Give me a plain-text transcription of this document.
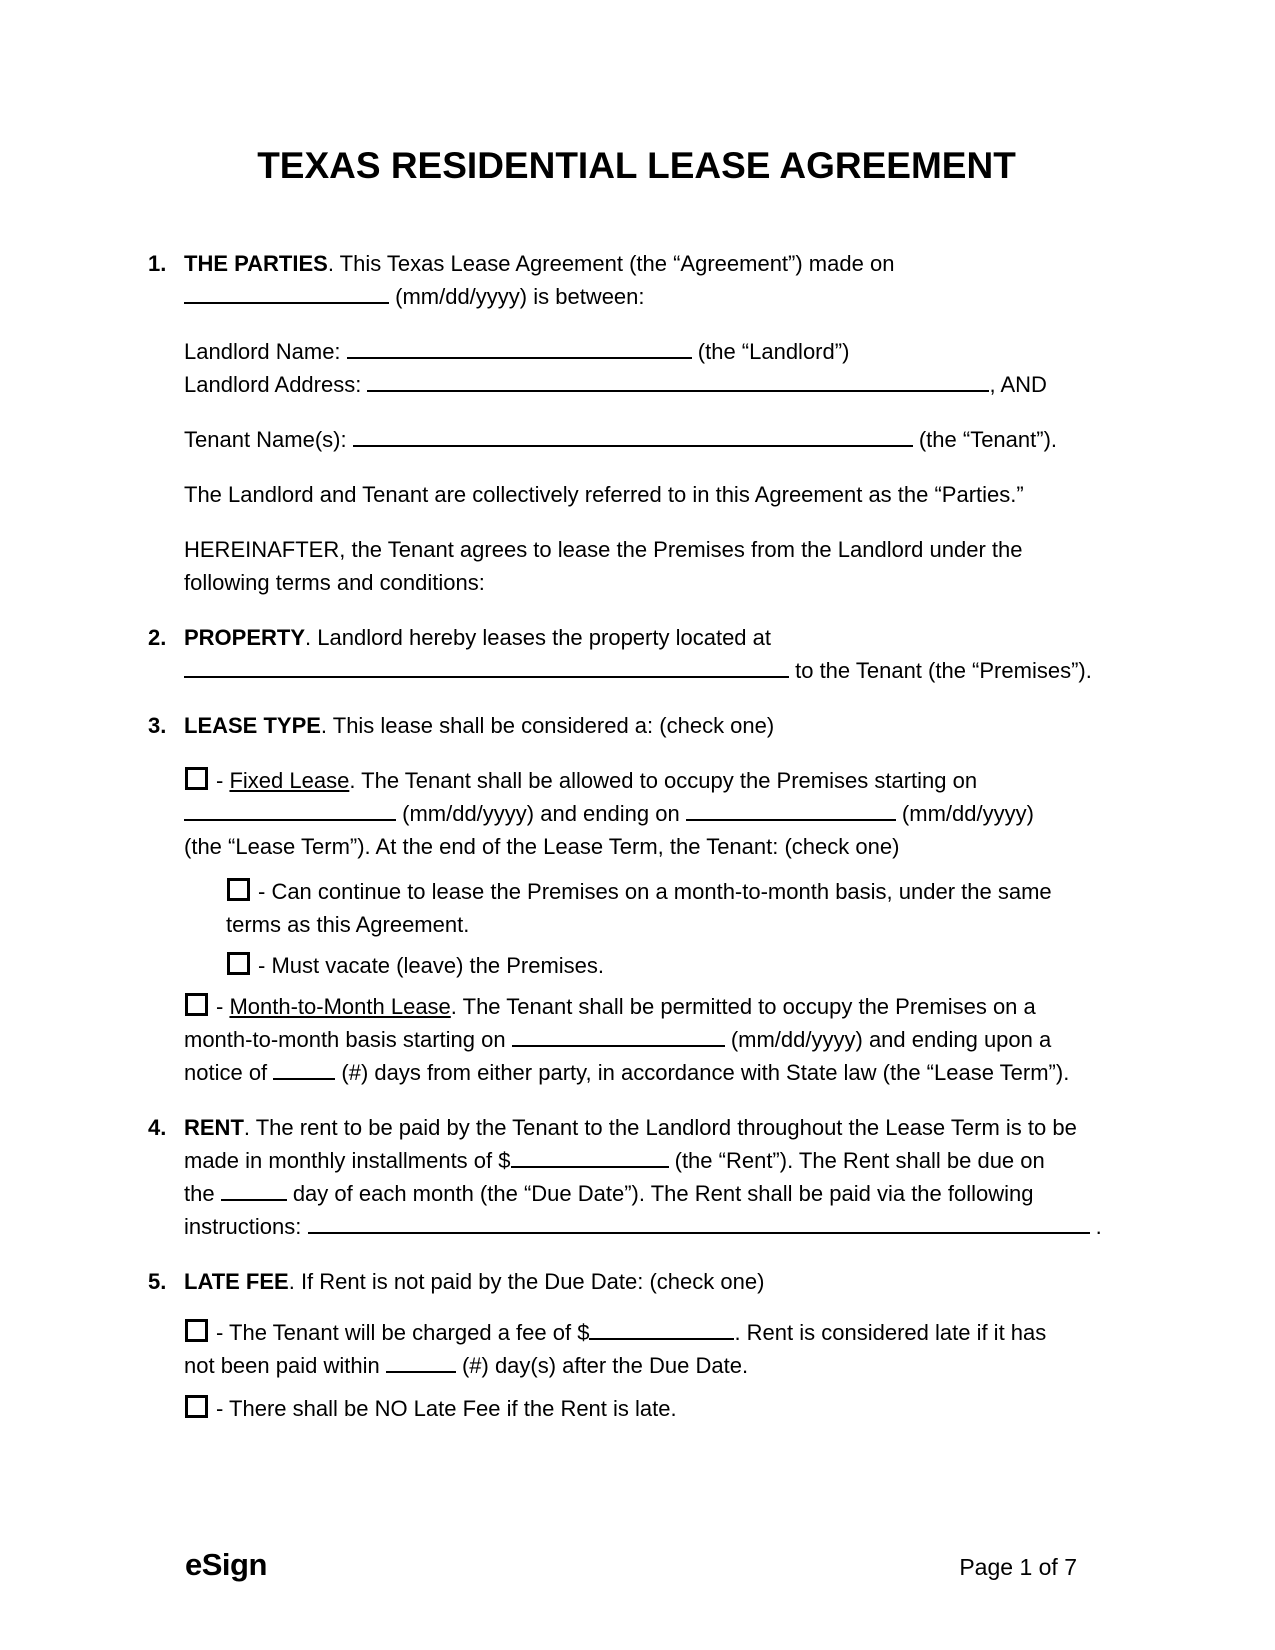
TEXAS RESIDENTIAL LEASE AGREEMENT
1. THE PARTIES. This Texas Lease Agreement (the “Agreement”) made on
(mm/dd/yyyy) is between:
Landlord Name:	(the “Landlord”)
Landlord Address:	, AND
Tenant Name(s):	(the “Tenant”).
The Landlord and Tenant are collectively referred to in this Agreement as the “Parties.”
HEREINAFTER, the Tenant agrees to lease the Premises from the Landlord under the
following terms and conditions:
2. PROPERTY. Landlord hereby leases the property located at
to the Tenant (the “Premises”).
3. LEASE TYPE. This lease shall be considered a: (check one)
- Fixed Lease. The Tenant shall be allowed to occupy the Premises starting on
(mm/dd/yyyy) and ending on	(mm/dd/yyyy)
(the “Lease Term”). At the end of the Lease Term, the Tenant: (check one)
- Can continue to lease the Premises on a month-to-month basis, under the same
terms as this Agreement.
- Must vacate (leave) the Premises.
- Month-to-Month Lease. The Tenant shall be permitted to occupy the Premises on a
month-to-month basis starting on	(mm/dd/yyyy) and ending upon a
notice of	(#) days from either party, in accordance with State law (the “Lease Term”).
4. RENT. The rent to be paid by the Tenant to the Landlord throughout the Lease Term is to be
made in monthly installments of $	(the “Rent”). The Rent shall be due on
the	day of each month (the “Due Date”). The Rent shall be paid via the following
instructions:	.
5. LATE FEE. If Rent is not paid by the Due Date: (check one)
- The Tenant will be charged a fee of $	. Rent is considered late if it has
not been paid within	(#) day(s) after the Due Date.
- There shall be NO Late Fee if the Rent is late.
eSign	Page 1 of 7
